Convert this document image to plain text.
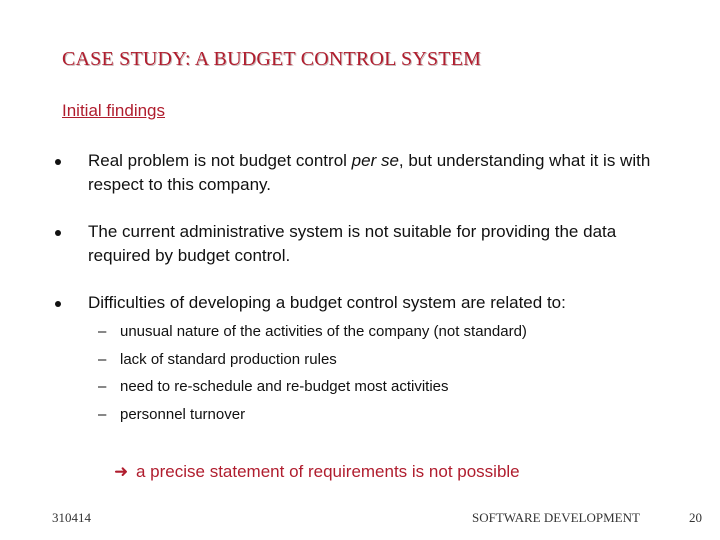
CASE STUDY: A BUDGET CONTROL SYSTEM
Initial findings
Real problem is not budget control per se, but understanding what it is with respect to this company.
The current administrative system is not suitable for providing the data required by budget control.
Difficulties of developing a budget control system are related to:
– unusual nature of the activities of the company (not standard)
– lack of standard production rules
– need to re-schedule and re-budget most activities
– personnel turnover
➜ a precise statement of requirements is not possible
310414	SOFTWARE DEVELOPMENT	20
